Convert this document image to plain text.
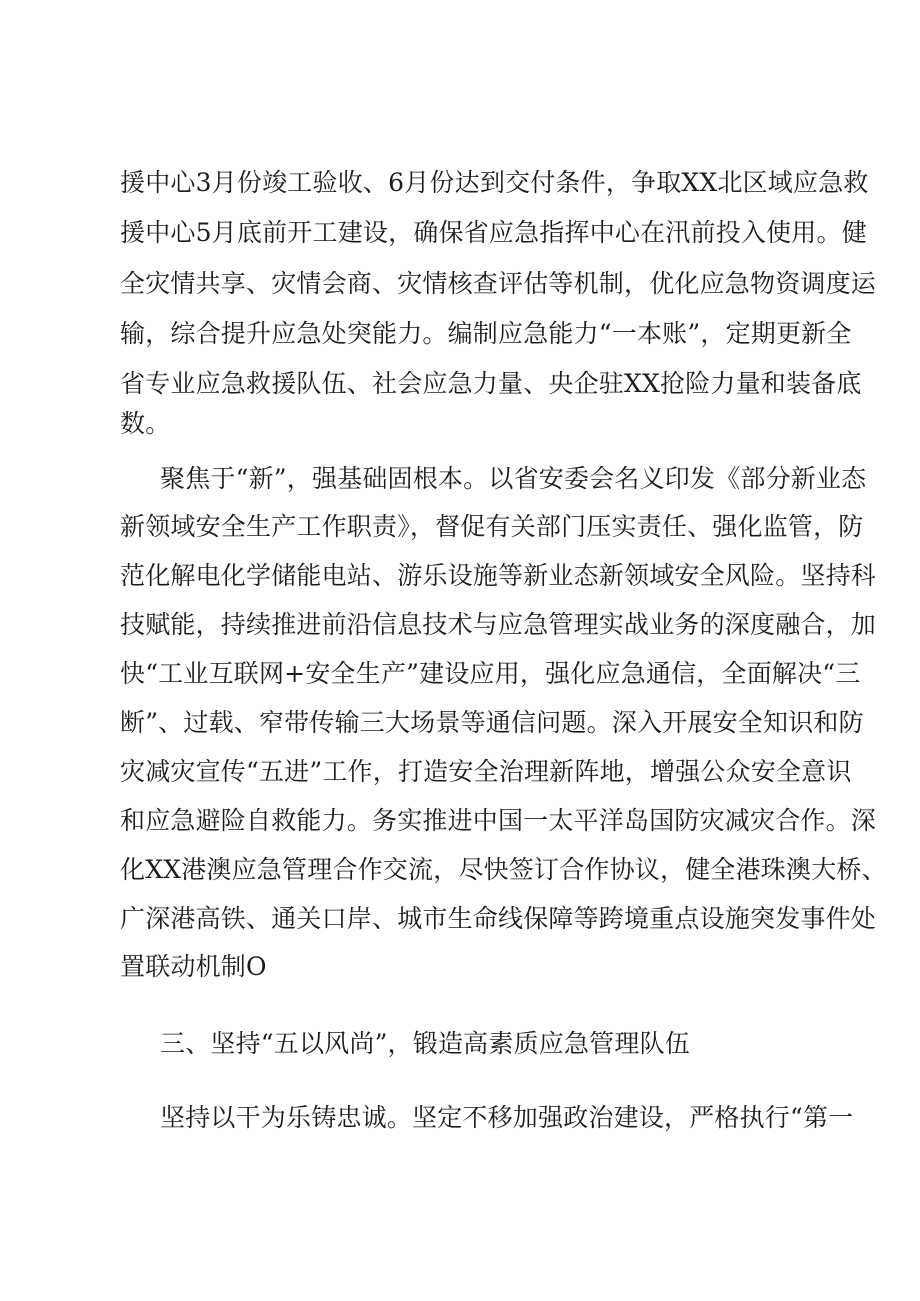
援中心3月份竣工验收、6月份达到交付条件，争取XX北区域应急救
援中心5月底前开工建设，确保省应急指挥中心在汛前投入使用。健
全灾情共享、灾情会商、灾情核查评估等机制，优化应急物资调度运
输，综合提升应急处突能力。编制应急能力“一本账”，定期更新全
省专业应急救援队伍、社会应急力量、央企驻XX抢险力量和装备底
数。
聚焦于“新”，强基础固根本。以省安委会名义印发《部分新业态
新领域安全生产工作职责》，督促有关部门压实责任、强化监管，防
范化解电化学储能电站、游乐设施等新业态新领域安全风险。坚持科
技赋能，持续推进前沿信息技术与应急管理实战业务的深度融合，加
快“工业互联网+安全生产”建设应用，强化应急通信，全面解决“三
断”、过载、窄带传输三大场景等通信问题。深入开展安全知识和防
灾减灾宣传“五进”工作，打造安全治理新阵地，增强公众安全意识
和应急避险自救能力。务实推进中国一太平洋岛国防灾减灾合作。深
化XX港澳应急管理合作交流，尽快签订合作协议，健全港珠澳大桥、
广深港高铁、通关口岸、城市生命线保障等跨境重点设施突发事件处
置联动机制O
三、坚持“五以风尚”，锻造高素质应急管理队伍
坚持以干为乐铸忠诚。坚定不移加强政治建设，严格执行“第一
